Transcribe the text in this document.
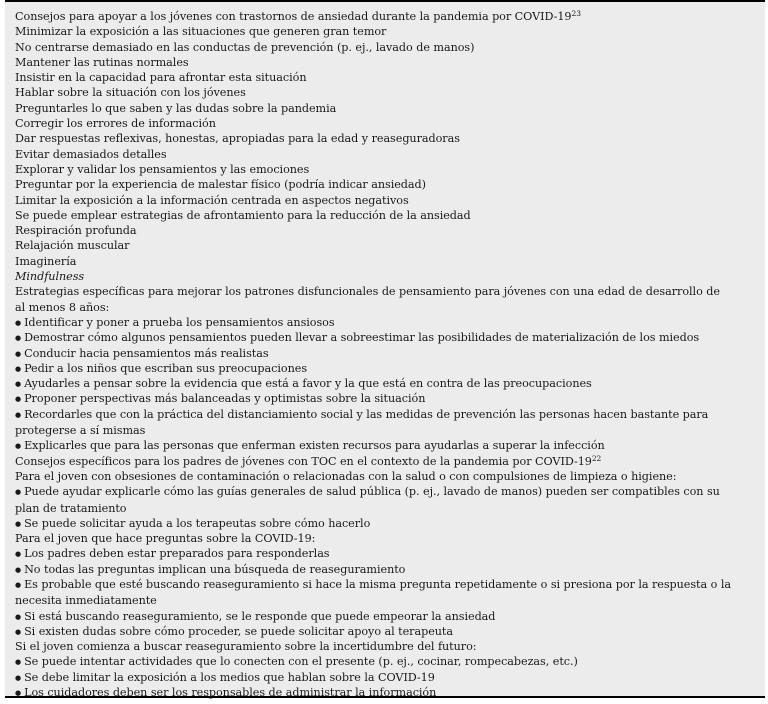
Consejos para apoyar a los jóvenes con trastornos de ansiedad durante la pandemia por COVID-$19^{23}$
Minimizar la exposición a las situaciones que generen gran temor
No centrarse demasiado en las conductas de prevención (p. ej., lavado de manos)
Mantener las rutinas normales
Insistir en la capacidad para afrontar esta situación
Hablar sobre la situación con los jóvenes
Preguntarles lo que saben y las dudas sobre la pandemia
Corregir los errores de información
Dar respuestas reflexivas, honestas, apropiadas para la edad y reaseguradoras
Evitar demasiados detalles
Explorar y validar los pensamientos y las emociones
Preguntar por la experiencia de malestar físico (podría indicar ansiedad)
Limitar la exposición a la información centrada en aspectos negativos
Se puede emplear estrategias de afrontamiento para la reducción de la ansiedad
Respiración profunda
Relajación muscular
Imaginería
Mindfulness
Estrategias específicas para mejorar los patrones disfuncionales de pensamiento para jóvenes con una edad de desarrollo de al menos 8 años:
● Identificar y poner a prueba los pensamientos ansiosos
● Demostrar cómo algunos pensamientos pueden llevar a sobreestimar las posibilidades de materialización de los miedos
● Conducir hacia pensamientos más realistas
● Pedir a los niños que escriban sus preocupaciones
● Ayudarles a pensar sobre la evidencia que está a favor y la que está en contra de las preocupaciones
● Proponer perspectivas más balanceadas y optimistas sobre la situación
● Recordarles que con la práctica del distanciamiento social y las medidas de prevención las personas hacen bastante para protegerse a sí mismas
● Explicarles que para las personas que enferman existen recursos para ayudarlas a superar la infección
Consejos específicos para los padres de jóvenes con TOC en el contexto de la pandemia por COVID-$19^{22}$
Para el joven con obsesiones de contaminación o relacionadas con la salud o con compulsiones de limpieza o higiene:
● Puede ayudar explicarle cómo las guías generales de salud pública (p. ej., lavado de manos) pueden ser compatibles con su plan de tratamiento
● Se puede solicitar ayuda a los terapeutas sobre cómo hacerlo
Para el joven que hace preguntas sobre la COVID-19:
● Los padres deben estar preparados para responderlas
● No todas las preguntas implican una búsqueda de reaseguramiento
● Es probable que esté buscando reaseguramiento si hace la misma pregunta repetidamente o si presiona por la respuesta o la necesita inmediatamente
● Si está buscando reaseguramiento, se le responde que puede empeorar la ansiedad
● Si existen dudas sobre cómo proceder, se puede solicitar apoyo al terapeuta
Si el joven comienza a buscar reaseguramiento sobre la incertidumbre del futuro:
● Se puede intentar actividades que lo conecten con el presente (p. ej., cocinar, rompecabezas, etc.)
● Se debe limitar la exposición a los medios que hablan sobre la COVID-19
● Los cuidadores deben ser los responsables de administrar la información
